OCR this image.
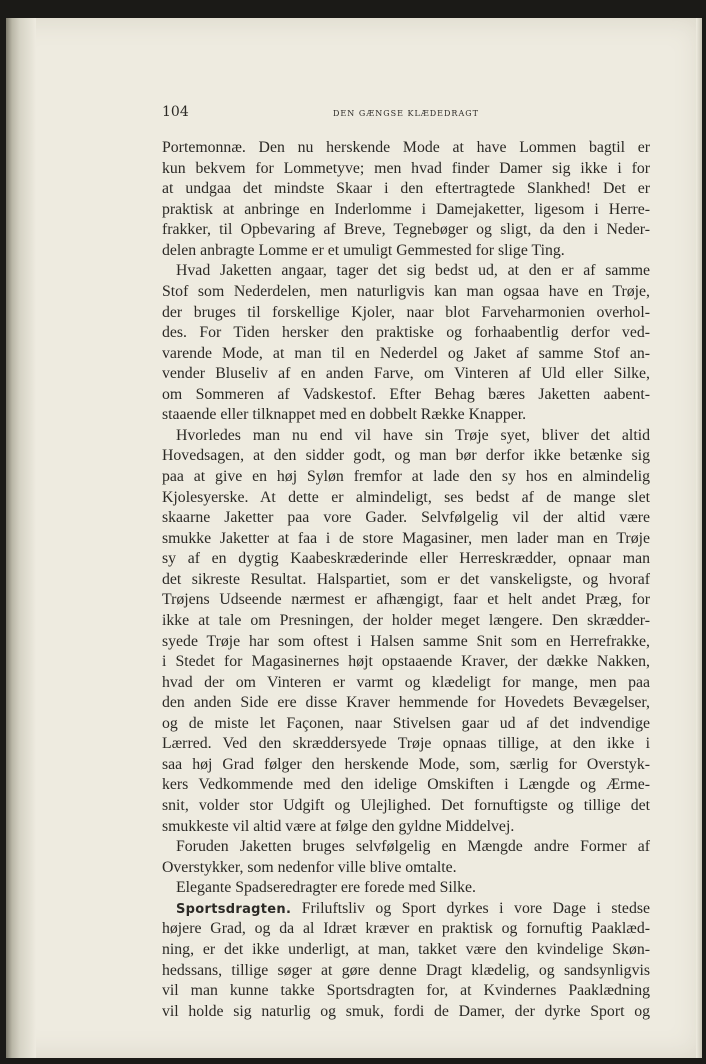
104	DEN GÆNGSE KLÆDEDRAGT
Portemonnæ. Den nu herskende Mode at have Lommen bagtil er
kun bekvem for Lommetyve; men hvad finder Damer sig ikke i for
at undgaa det mindste Skaar i den eftertragtede Slankhed! Det er
praktisk at anbringe en Inderlomme i Damejaketter, ligesom i Herre-
frakker, til Opbevaring af Breve, Tegnebøger og sligt, da den i Neder-
delen anbragte Lomme er et umuligt Gemmested for slige Ting.
Hvad Jaketten angaar, tager det sig bedst ud, at den er af samme
Stof som Nederdelen, men naturligvis kan man ogsaa have en Trøje,
der bruges til forskellige Kjoler, naar blot Farveharmonien overhol-
des. For Tiden hersker den praktiske og forhaabentlig derfor ved-
varende Mode, at man til en Nederdel og Jaket af samme Stof an-
vender Bluseliv af en anden Farve, om Vinteren af Uld eller Silke,
om Sommeren af Vadskestof. Efter Behag bæres Jaketten aabent-
staaende eller tilknappet med en dobbelt Række Knapper.
Hvorledes man nu end vil have sin Trøje syet, bliver det altid
Hovedsagen, at den sidder godt, og man bør derfor ikke betænke sig
paa at give en høj Syløn fremfor at lade den sy hos en almindelig
Kjolesyerske. At dette er almindeligt, ses bedst af de mange slet
skaarne Jaketter paa vore Gader. Selvfølgelig vil der altid være
smukke Jaketter at faa i de store Magasiner, men lader man en Trøje
sy af en dygtig Kaabeskræderinde eller Herreskrædder, opnaar man
det sikreste Resultat. Halspartiet, som er det vanskeligste, og hvoraf
Trøjens Udseende nærmest er afhængigt, faar et helt andet Præg, for
ikke at tale om Presningen, der holder meget længere. Den skrædder-
syede Trøje har som oftest i Halsen samme Snit som en Herrefrakke,
i Stedet for Magasinernes højt opstaaende Kraver, der dække Nakken,
hvad der om Vinteren er varmt og klædeligt for mange, men paa
den anden Side ere disse Kraver hemmende for Hovedets Bevægelser,
og de miste let Façonen, naar Stivelsen gaar ud af det indvendige
Lærred. Ved den skræddersyede Trøje opnaas tillige, at den ikke i
saa høj Grad følger den herskende Mode, som, særlig for Overstyk-
kers Vedkommende med den idelige Omskiften i Længde og Ærme-
snit, volder stor Udgift og Ulejlighed. Det fornuftigste og tillige det
smukkeste vil altid være at følge den gyldne Middelvej.
Foruden Jaketten bruges selvfølgelig en Mængde andre Former af
Overstykker, som nedenfor ville blive omtalte.
Elegante Spadseredragter ere forede med Silke.
Sportsdragten. Friluftsliv og Sport dyrkes i vore Dage i stedse
højere Grad, og da al Idræt kræver en praktisk og fornuftig Paaklæd-
ning, er det ikke underligt, at man, takket være den kvindelige Skøn-
hedssans, tillige søger at gøre denne Dragt klædelig, og sandsynligvis
vil man kunne takke Sportsdragten for, at Kvindernes Paaklædning
vil holde sig naturlig og smuk, fordi de Damer, der dyrke Sport og
